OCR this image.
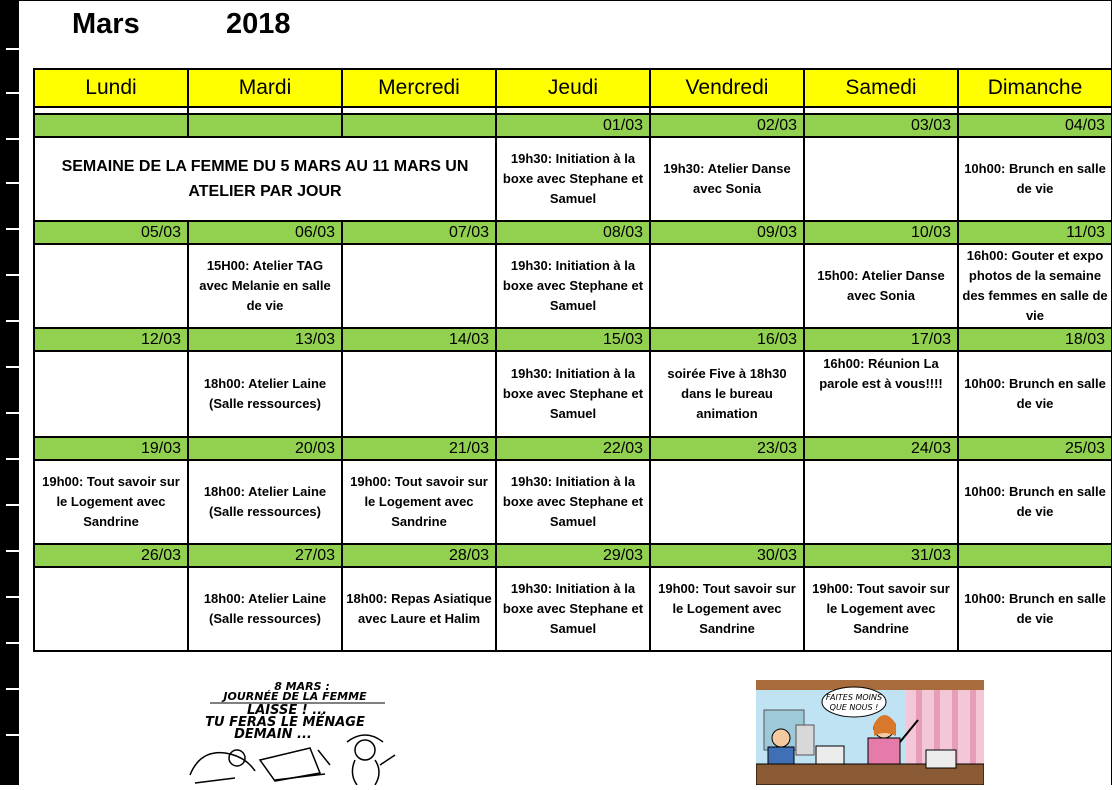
Mars	2018
Lundi	Mardi	Mercredi	Jeudi	Vendredi	Samedi	Dimanche

			01/03	02/03	03/03	04/03
SEMAINE DE LA FEMME DU 5 MARS AU 11 MARS UN ATELIER PAR JOUR			19h30: Initiation à la boxe avec Stephane et Samuel	19h30: Atelier Danse avec Sonia		10h00: Brunch en salle de vie
05/03	06/03	07/03	08/03	09/03	10/03	11/03
	15H00: Atelier TAG avec Melanie en salle de vie		19h30: Initiation à la boxe avec Stephane et Samuel		15h00: Atelier Danse avec Sonia	16h00: Gouter et expo photos de la semaine des femmes en salle de vie
12/03	13/03	14/03	15/03	16/03	17/03	18/03
	18h00: Atelier Laine (Salle ressources)		19h30: Initiation à la boxe avec Stephane et Samuel	soirée Five à 18h30 dans le bureau animation	16h00: Réunion La parole est à vous!!!!	10h00: Brunch en salle de vie
19/03	20/03	21/03	22/03	23/03	24/03	25/03
19h00: Tout savoir sur le Logement avec Sandrine	18h00: Atelier Laine (Salle ressources)	19h00: Tout savoir sur le Logement avec Sandrine	19h30: Initiation à la boxe avec Stephane et Samuel			10h00: Brunch en salle de vie
26/03	27/03	28/03	29/03	30/03	31/03	
	18h00: Atelier Laine (Salle ressources)	18h00: Repas Asiatique avec Laure et Halim	19h30: Initiation à la boxe avec Stephane et Samuel	19h00: Tout savoir sur le Logement avec Sandrine	19h00: Tout savoir sur le Logement avec Sandrine	10h00: Brunch en salle de vie
8 MARS :
JOURNÉE DE LA FEMME
LAISSE ! ...
TU FERAS LE MÉNAGE
DEMAIN ...
FAITES MOINS
QUE NOUS !
